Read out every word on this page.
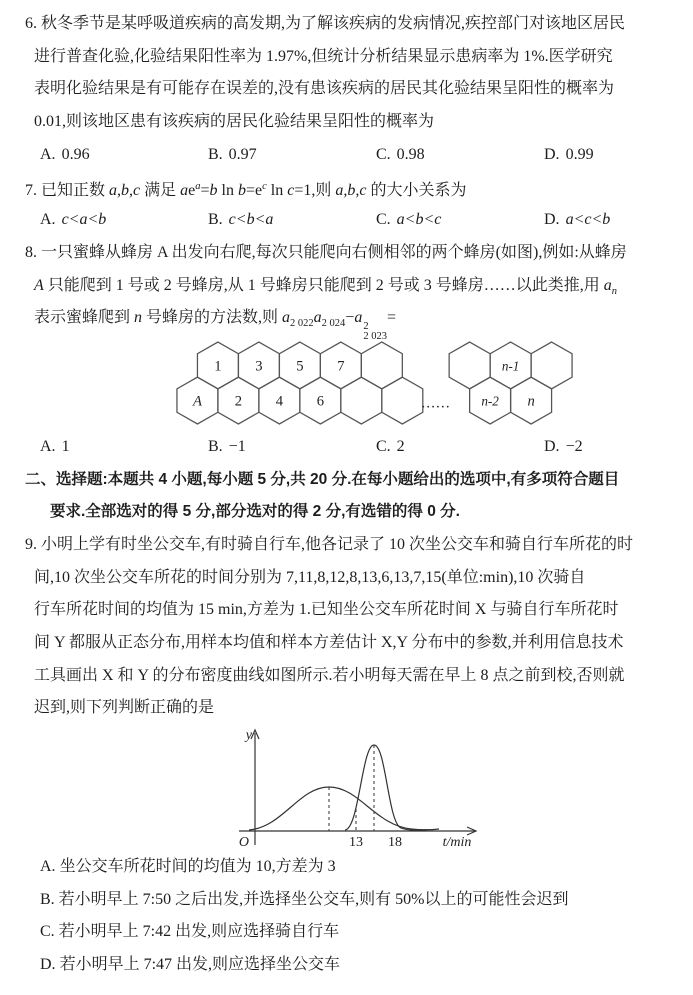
6. 秋冬季节是某呼吸道疾病的高发期,为了解该疾病的发病情况,疾控部门对该地区居民
进行普查化验,化验结果阳性率为 1.97%,但统计分析结果显示患病率为 1%.医学研究
表明化验结果是有可能存在误差的,没有患该疾病的居民其化验结果呈阳性的概率为
0.01,则该地区患有该疾病的居民化验结果呈阳性的概率为
A. 0.96	B. 0.97	C. 0.98	D. 0.99
7. 已知正数 a,b,c 满足 $ae^a=b$ $\ln b=e^c$ ln c=1,则 a,b,c 的大小关系为
A. c<a<b	B. c<b<a	C. a<b<c	D. a<c<b
8. 一只蜜蜂从蜂房 A 出发向右爬,每次只能爬向右侧相邻的两个蜂房(如图),例如:从蜂房
A 只能爬到 1 号或 2 号蜂房,从 1 号蜂房只能爬到 2 号或 3 号蜂房……以此类推,用 $a_n$
表示蜜蜂爬到 n 号蜂房的方法数,则 $a_{2 022}a_{2 024}-a$
2
2 023
=
1 3 5 7
A 2 4 6	……
n-1
n-2 n
A. 1	B. −1	C. 2	D. −2
二、选择题:本题共 4 小题,每小题 5 分,共 20 分.在每小题给出的选项中,有多项符合题目
要求.全部选对的得 5 分,部分选对的得 2 分,有选错的得 0 分.
9. 小明上学有时坐公交车,有时骑自行车,他各记录了 10 次坐公交车和骑自行车所花的时
间,10 次坐公交车所花的时间分别为 7,11,8,12,8,13,6,13,7,15(单位:min),10 次骑自
行车所花时间的均值为 15 min,方差为 1.已知坐公交车所花时间 X 与骑自行车所花时
间 Y 都服从正态分布,用样本均值和样本方差估计 X,Y 分布中的参数,并利用信息技术
工具画出 X 和 Y 的分布密度曲线如图所示.若小明每天需在早上 8 点之前到校,否则就
迟到,则下列判断正确的是
y
O	13 18	t/min
A. 坐公交车所花时间的均值为 10,方差为 3
B. 若小明早上 7:50 之后出发,并选择坐公交车,则有 50%以上的可能性会迟到
C. 若小明早上 7:42 出发,则应选择骑自行车
D. 若小明早上 7:47 出发,则应选择坐公交车
